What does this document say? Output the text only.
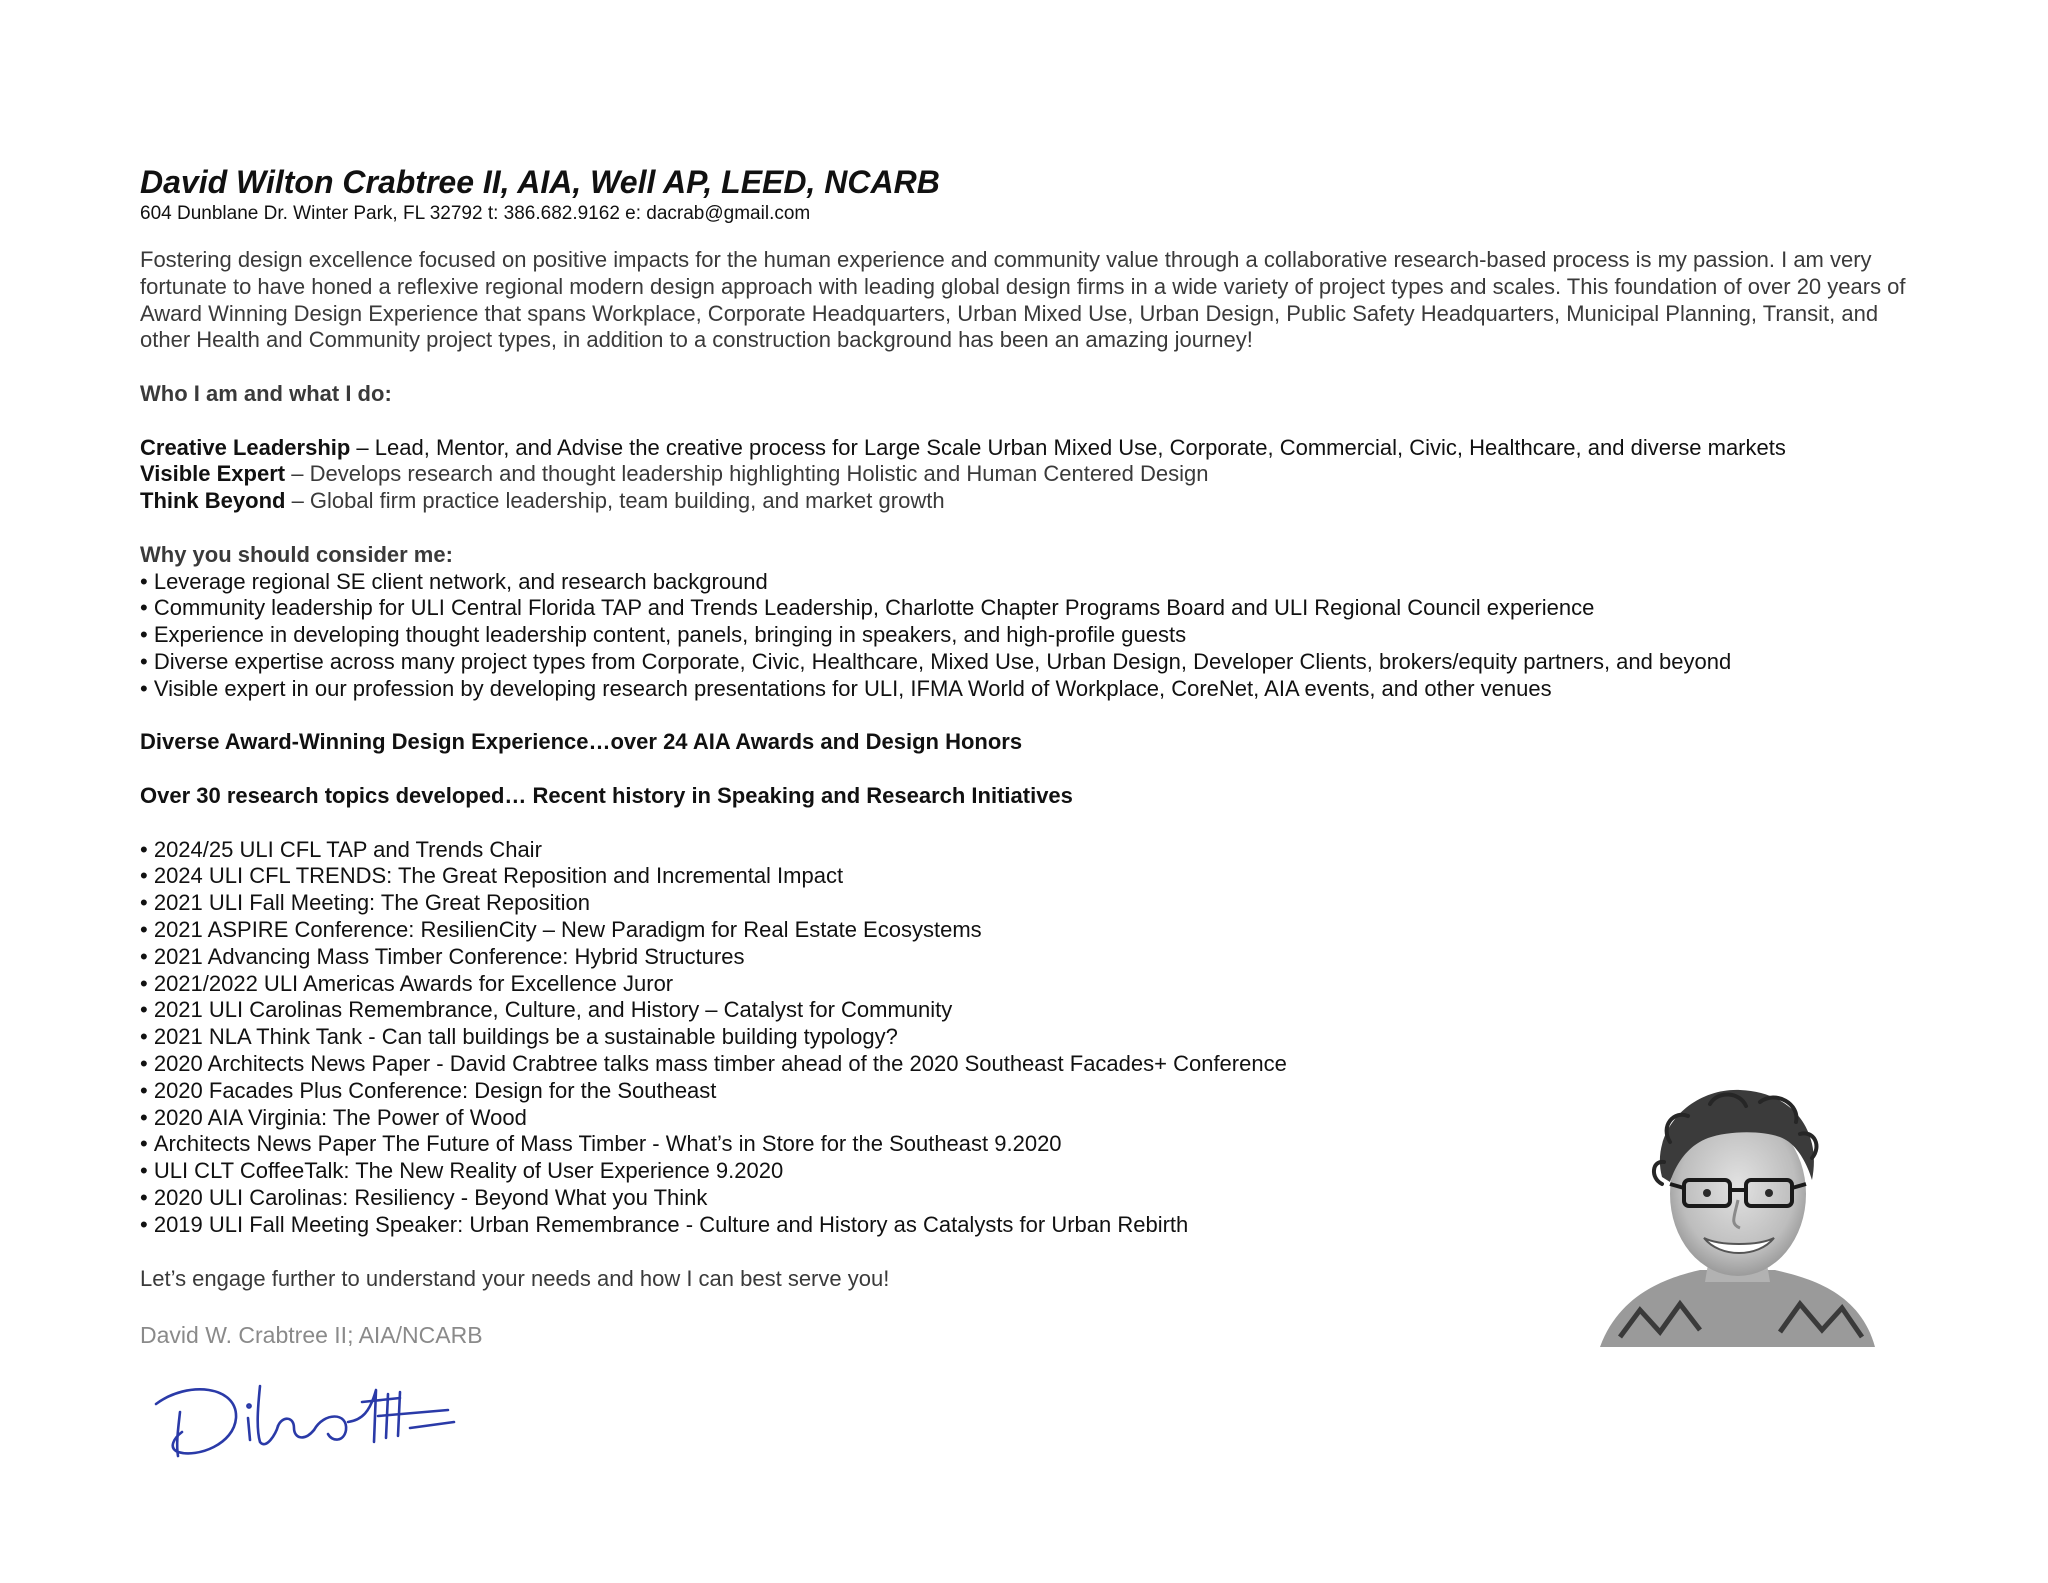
David Wilton Crabtree II, AIA, Well AP, LEED, NCARB

604 Dunblane Dr. Winter Park, FL 32792 t: 386.682.9162 e: dacrab@gmail.com

Fostering design excellence focused on positive impacts for the human experience and community value through a collaborative research-based process is my passion. I am very fortunate to have honed a reflexive regional modern design approach with leading global design firms in a wide variety of project types and scales. This foundation of over 20 years of Award Winning Design Experience that spans Workplace, Corporate Headquarters, Urban Mixed Use, Urban Design, Public Safety Headquarters, Municipal Planning, Transit, and other Health and Community project types, in addition to a construction background has been an amazing journey!

Who I am and what I do:

Creative Leadership – Lead, Mentor, and Advise the creative process for Large Scale Urban Mixed Use, Corporate, Commercial, Civic, Healthcare, and diverse markets

Visible Expert – Develops research and thought leadership highlighting Holistic and Human Centered Design

Think Beyond – Global firm practice leadership, team building, and market growth

Why you should consider me:

• Leverage regional SE client network, and research background
• Community leadership for ULI Central Florida TAP and Trends Leadership, Charlotte Chapter Programs Board and ULI Regional Council experience
• Experience in developing thought leadership content, panels, bringing in speakers, and high-profile guests
• Diverse expertise across many project types from Corporate, Civic, Healthcare, Mixed Use, Urban Design, Developer Clients, brokers/equity partners, and beyond
• Visible expert in our profession by developing research presentations for ULI, IFMA World of Workplace, CoreNet, AIA events, and other venues

Diverse Award-Winning Design Experience…over 24 AIA Awards and Design Honors

Over 30 research topics developed… Recent history in Speaking and Research Initiatives

• 2024/25 ULI CFL TAP and Trends Chair
• 2024 ULI CFL TRENDS: The Great Reposition and Incremental Impact
• 2021 ULI Fall Meeting: The Great Reposition
• 2021 ASPIRE Conference: ResilienCity – New Paradigm for Real Estate Ecosystems
• 2021 Advancing Mass Timber Conference: Hybrid Structures
• 2021/2022 ULI Americas Awards for Excellence Juror
• 2021 ULI Carolinas Remembrance, Culture, and History – Catalyst for Community
• 2021 NLA Think Tank - Can tall buildings be a sustainable building typology?
• 2020 Architects News Paper - David Crabtree talks mass timber ahead of the 2020 Southeast Facades+ Conference
• 2020 Facades Plus Conference: Design for the Southeast
• 2020 AIA Virginia: The Power of Wood
• Architects News Paper The Future of Mass Timber - What’s in Store for the Southeast 9.2020
• ULI CLT CoffeeTalk: The New Reality of User Experience 9.2020
• 2020 ULI Carolinas: Resiliency - Beyond What you Think
• 2019 ULI Fall Meeting Speaker: Urban Remembrance - Culture and History as Catalysts for Urban Rebirth

Let’s engage further to understand your needs and how I can best serve you!

David W. Crabtree II; AIA/NCARB
